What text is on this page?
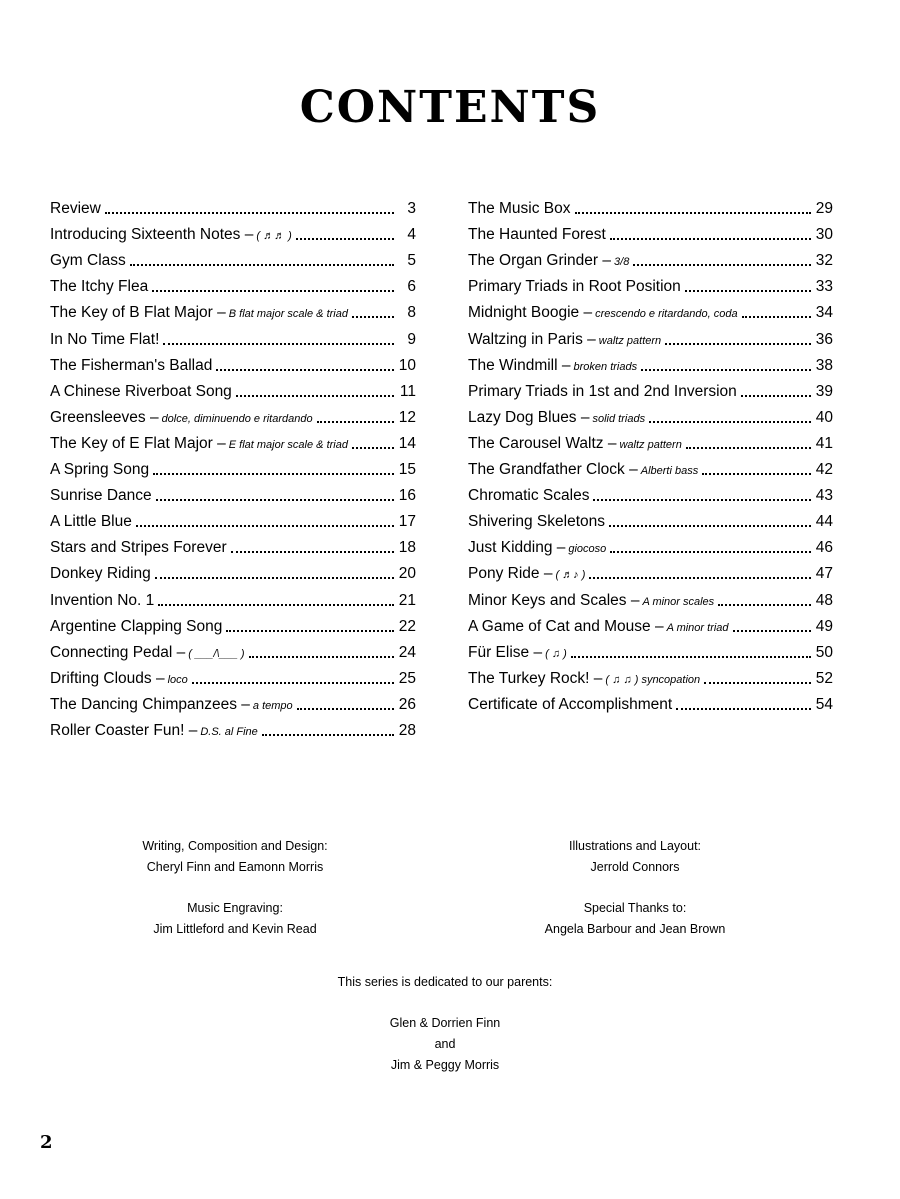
CONTENTS
Review	3
Introducing Sixteenth Notes – ( ♬♬ )	4
Gym Class	5
The Itchy Flea	6
The Key of B Flat Major – B flat major scale & triad	8
In No Time Flat!	9
The Fisherman's Ballad	10
A Chinese Riverboat Song	11
Greensleeves – dolce, diminuendo e ritardando	12
The Key of E Flat Major – E flat major scale & triad	14
A Spring Song	15
Sunrise Dance	16
A Little Blue	17
Stars and Stripes Forever	18
Donkey Riding	20
Invention No. 1	21
Argentine Clapping Song	22
Connecting Pedal – ( ___/\___ )	24
Drifting Clouds – loco	25
The Dancing Chimpanzees – a tempo	26
Roller Coaster Fun! – D.S. al Fine	28
The Music Box	29
The Haunted Forest	30
The Organ Grinder – 3/8	32
Primary Triads in Root Position	33
Midnight Boogie – crescendo e ritardando, coda	34
Waltzing in Paris – waltz pattern	36
The Windmill – broken triads	38
Primary Triads in 1st and 2nd Inversion	39
Lazy Dog Blues – solid triads	40
The Carousel Waltz – waltz pattern	41
The Grandfather Clock – Alberti bass	42
Chromatic Scales	43
Shivering Skeletons	44
Just Kidding – giocoso	46
Pony Ride – ( ♬♪ )	47
Minor Keys and Scales – A minor scales	48
A Game of Cat and Mouse – A minor triad	49
Für Elise – ( ♫ )	50
The Turkey Rock! – ( ♫ ♫ ) syncopation	52
Certificate of Accomplishment	54

Writing, Composition and Design:

Cheryl Finn and Eamonn Morris

Music Engraving:

Jim Littleford and Kevin Read

Illustrations and Layout:

Jerrold Connors

Special Thanks to:

Angela Barbour and Jean Brown

This series is dedicated to our parents:

Glen & Dorrien Finn

and

Jim & Peggy Morris

2
